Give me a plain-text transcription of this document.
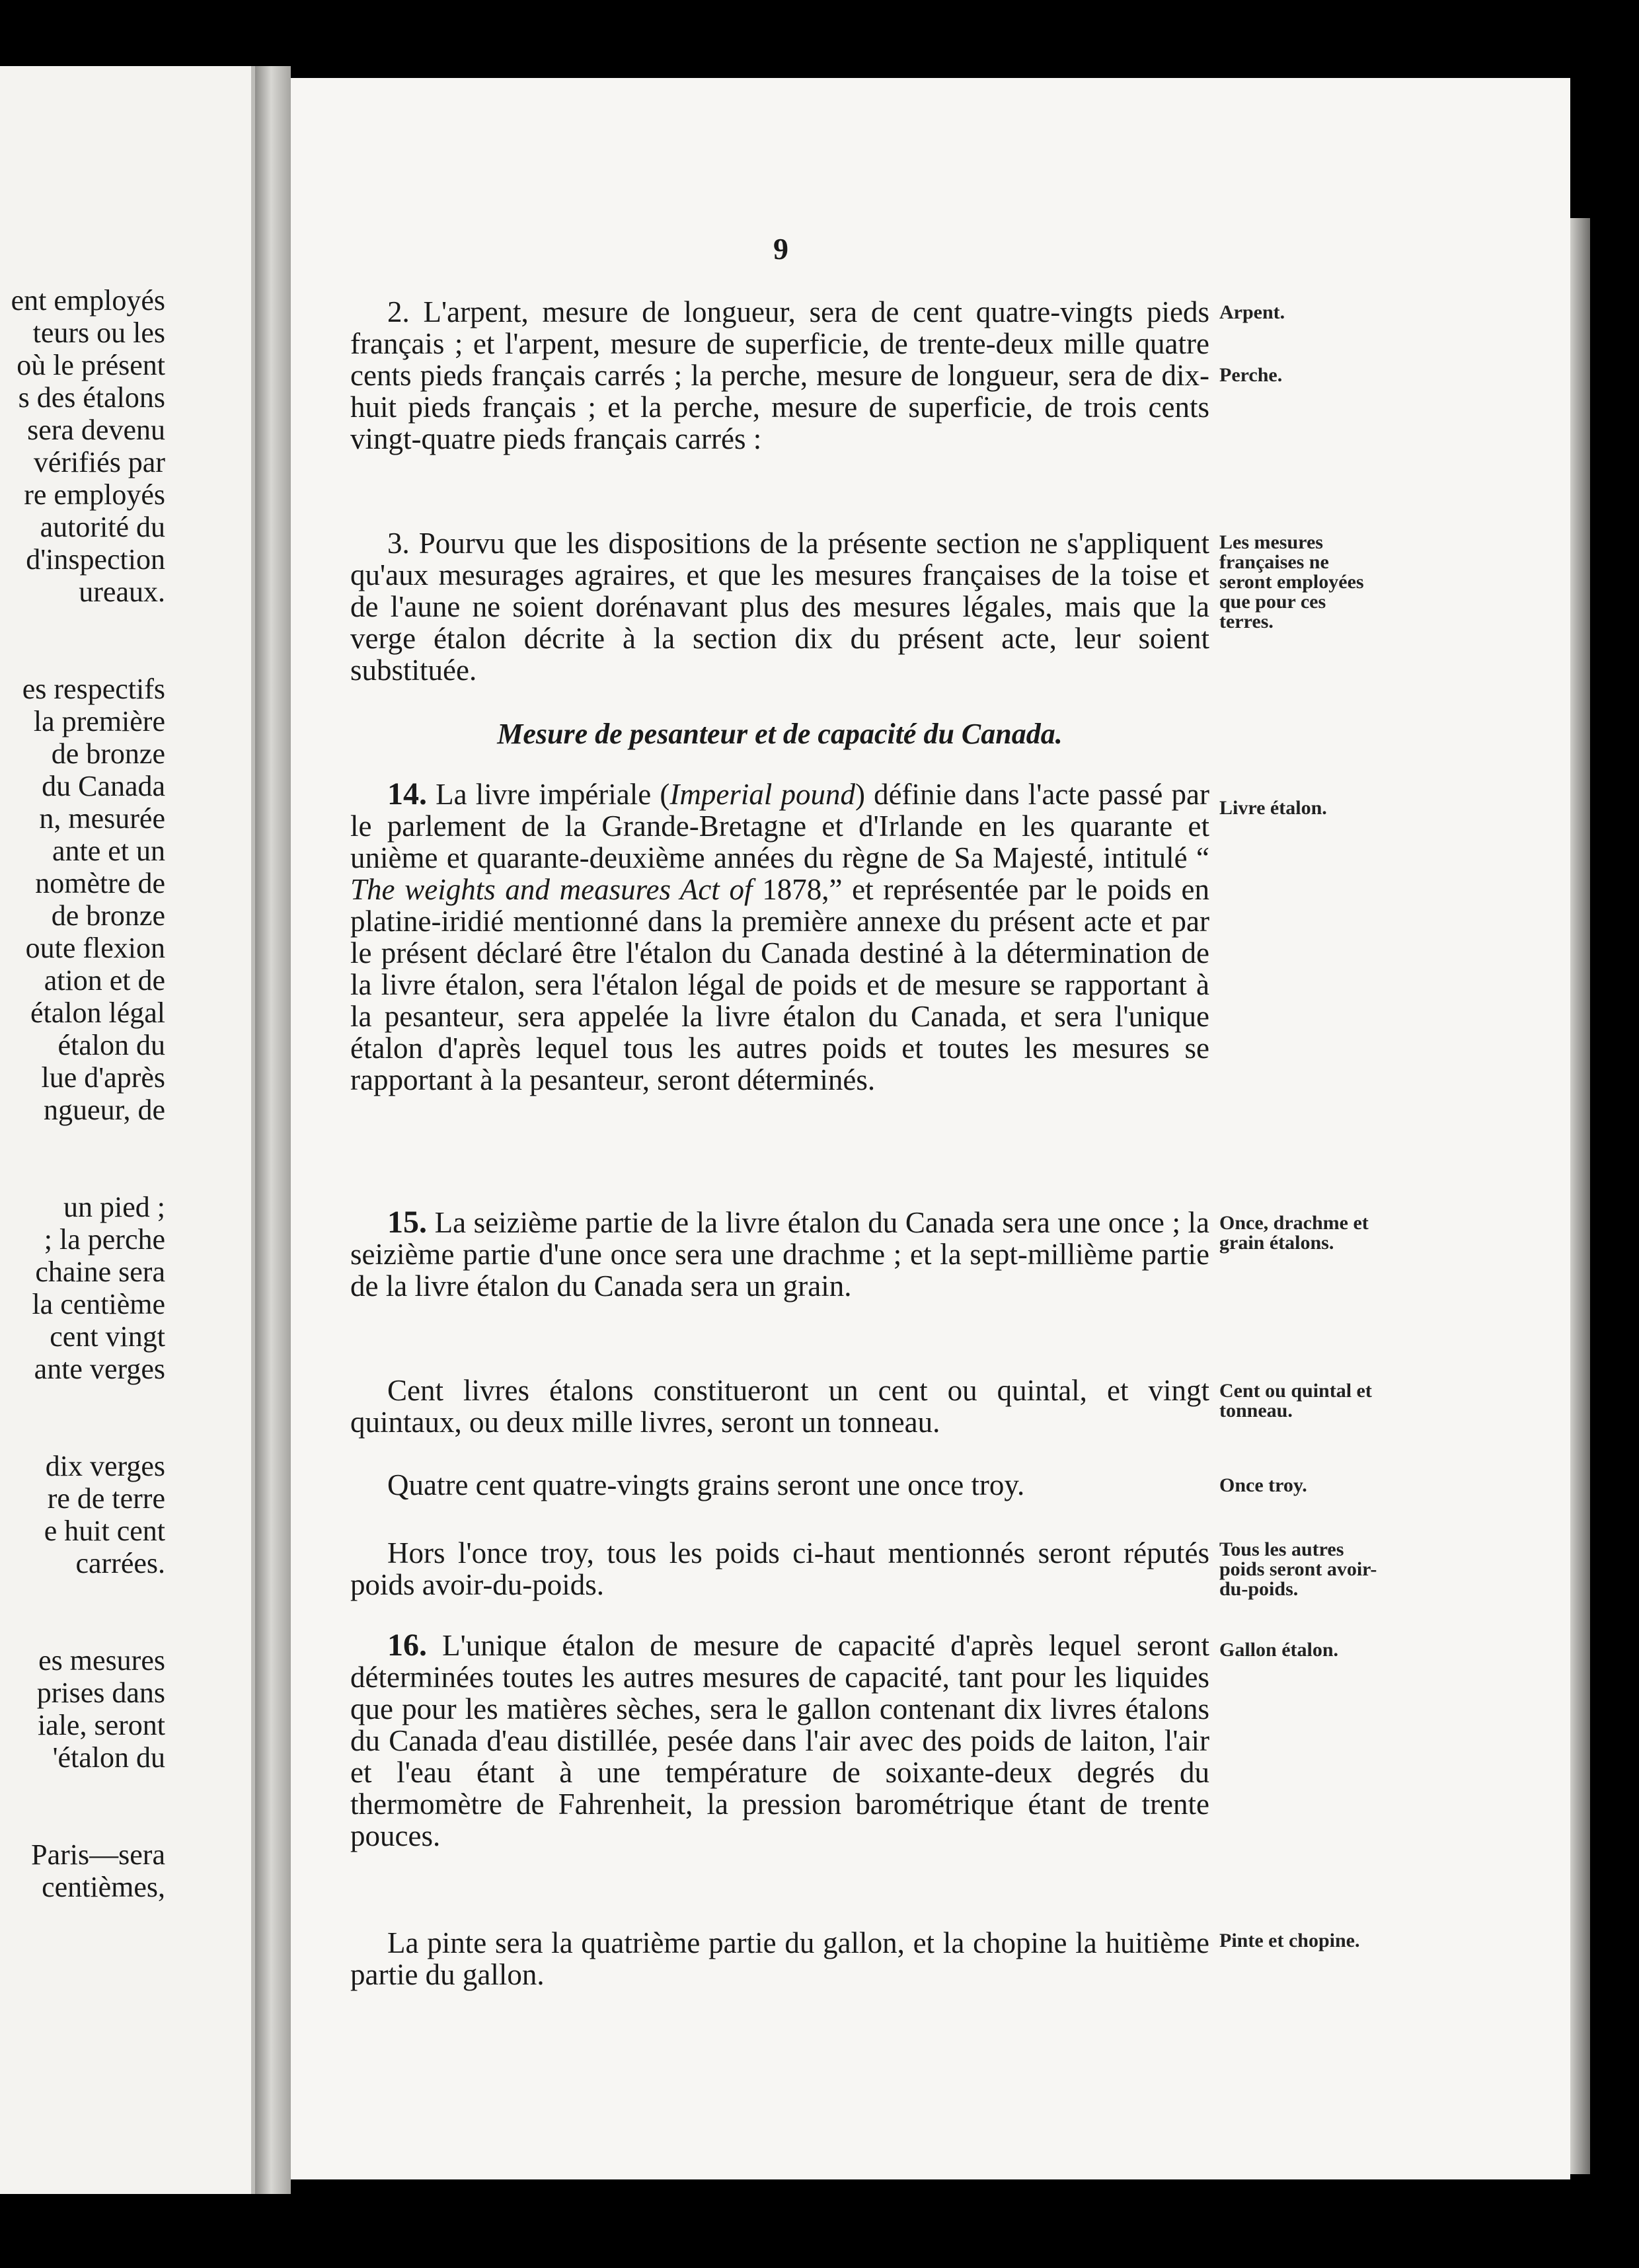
ent employés
teurs ou les
où le présent
s des étalons
sera devenu
vérifiés par
re employés
autorité du
d'inspection
ureaux.
es respectifs
la première
de bronze
du Canada
n, mesurée
ante et un
nomètre de
de bronze
oute flexion
ation et de
étalon légal
étalon du
lue d'après
ngueur, de
un pied ;
; la perche
chaine sera
la centième
cent vingt
ante verges
dix verges
re de terre
e huit cent
carrées.
es mesures
prises dans
iale, seront
'étalon du
Paris—sera
centièmes,
9
2. L'arpent, mesure de longueur, sera de cent quatre-vingts pieds français ; et l'arpent, mesure de superficie, de trente-deux mille quatre cents pieds français carrés ; la perche, mesure de longueur, sera de dix-huit pieds français ; et la perche, mesure de superficie, de trois cents vingt-quatre pieds français carrés :
Arpent.
Perche.
3. Pourvu que les dispositions de la présente section ne s'appliquent qu'aux mesurages agraires, et que les mesures françaises de la toise et de l'aune ne soient dorénavant plus des mesures légales, mais que la verge étalon décrite à la section dix du présent acte, leur soient substituée.
Les mesures françaises ne seront employées que pour ces terres.
Mesure de pesanteur et de capacité du Canada.
14. La livre impériale (Imperial pound) définie dans l'acte passé par le parlement de la Grande-Bretagne et d'Irlande en les quarante et unième et quarante-deuxième années du règne de Sa Majesté, intitulé “ The weights and measures Act of 1878,” et représentée par le poids en platine-iridié mentionné dans la première annexe du présent acte et par le présent déclaré être l'étalon du Canada destiné à la détermination de la livre étalon, sera l'étalon légal de poids et de mesure se rapportant à la pesanteur, sera appelée la livre étalon du Canada, et sera l'unique étalon d'après lequel tous les autres poids et toutes les mesures se rapportant à la pesanteur, seront déterminés.
Livre étalon.
15. La seizième partie de la livre étalon du Canada sera une once ; la seizième partie d'une once sera une drachme ; et la sept-millième partie de la livre étalon du Canada sera un grain.
Once, drachme et grain étalons.
Cent livres étalons constitueront un cent ou quintal, et vingt quintaux, ou deux mille livres, seront un tonneau.
Cent ou quintal et tonneau.
Quatre cent quatre-vingts grains seront une once troy.	Once troy.
Hors l'once troy, tous les poids ci-haut mentionnés seront réputés poids avoir-du-poids.
Tous les autres poids seront avoir-du-poids.
16. L'unique étalon de mesure de capacité d'après lequel seront déterminées toutes les autres mesures de capacité, tant pour les liquides que pour les matières sèches, sera le gallon contenant dix livres étalons du Canada d'eau distillée, pesée dans l'air avec des poids de laiton, l'air et l'eau étant à une température de soixante-deux degrés du thermomètre de Fahrenheit, la pression barométrique étant de trente pouces.
Gallon étalon.
La pinte sera la quatrième partie du gallon, et la chopine la huitième partie du gallon.
Pinte et chopine.
